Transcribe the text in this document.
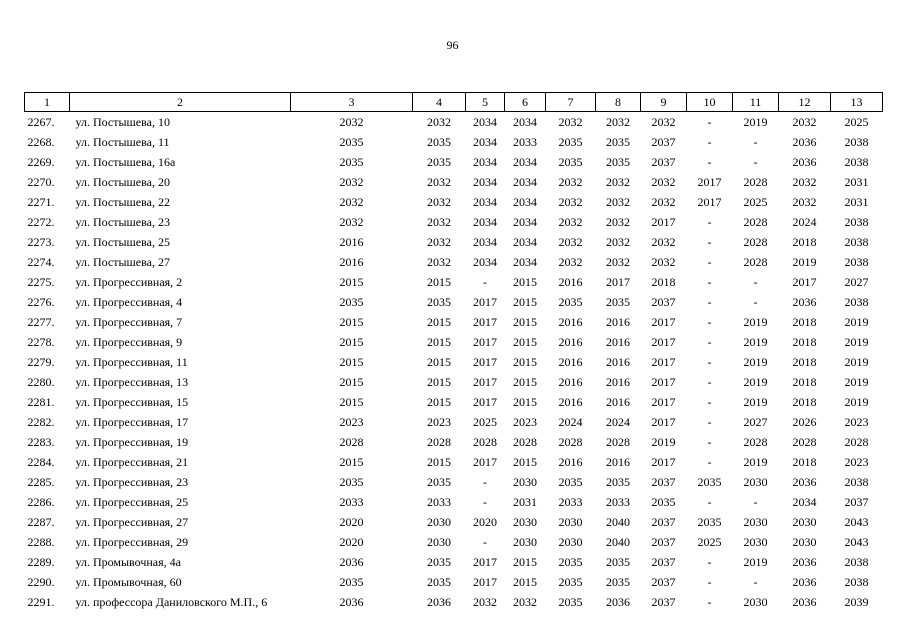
96
1	2	3	4	5	6	7	8	9	10	11	12	13
2267.	ул. Постышева, 10	2032	2032	2034	2034	2032	2032	2032	-	2019	2032	2025
2268.	ул. Постышева, 11	2035	2035	2034	2033	2035	2035	2037	-	-	2036	2038
2269.	ул. Постышева, 16а	2035	2035	2034	2034	2035	2035	2037	-	-	2036	2038
2270.	ул. Постышева, 20	2032	2032	2034	2034	2032	2032	2032	2017	2028	2032	2031
2271.	ул. Постышева, 22	2032	2032	2034	2034	2032	2032	2032	2017	2025	2032	2031
2272.	ул. Постышева, 23	2032	2032	2034	2034	2032	2032	2017	-	2028	2024	2038
2273.	ул. Постышева, 25	2016	2032	2034	2034	2032	2032	2032	-	2028	2018	2038
2274.	ул. Постышева, 27	2016	2032	2034	2034	2032	2032	2032	-	2028	2019	2038
2275.	ул. Прогрессивная, 2	2015	2015	-	2015	2016	2017	2018	-	-	2017	2027
2276.	ул. Прогрессивная, 4	2035	2035	2017	2015	2035	2035	2037	-	-	2036	2038
2277.	ул. Прогрессивная, 7	2015	2015	2017	2015	2016	2016	2017	-	2019	2018	2019
2278.	ул. Прогрессивная, 9	2015	2015	2017	2015	2016	2016	2017	-	2019	2018	2019
2279.	ул. Прогрессивная, 11	2015	2015	2017	2015	2016	2016	2017	-	2019	2018	2019
2280.	ул. Прогрессивная, 13	2015	2015	2017	2015	2016	2016	2017	-	2019	2018	2019
2281.	ул. Прогрессивная, 15	2015	2015	2017	2015	2016	2016	2017	-	2019	2018	2019
2282.	ул. Прогрессивная, 17	2023	2023	2025	2023	2024	2024	2017	-	2027	2026	2023
2283.	ул. Прогрессивная, 19	2028	2028	2028	2028	2028	2028	2019	-	2028	2028	2028
2284.	ул. Прогрессивная, 21	2015	2015	2017	2015	2016	2016	2017	-	2019	2018	2023
2285.	ул. Прогрессивная, 23	2035	2035	-	2030	2035	2035	2037	2035	2030	2036	2038
2286.	ул. Прогрессивная, 25	2033	2033	-	2031	2033	2033	2035	-	-	2034	2037
2287.	ул. Прогрессивная, 27	2020	2030	2020	2030	2030	2040	2037	2035	2030	2030	2043
2288.	ул. Прогрессивная, 29	2020	2030	-	2030	2030	2040	2037	2025	2030	2030	2043
2289.	ул. Промывочная, 4а	2036	2035	2017	2015	2035	2035	2037	-	2019	2036	2038
2290.	ул. Промывочная, 60	2035	2035	2017	2015	2035	2035	2037	-	-	2036	2038
2291.	ул. профессора Даниловского М.П., 6	2036	2036	2032	2032	2035	2036	2037	-	2030	2036	2039
